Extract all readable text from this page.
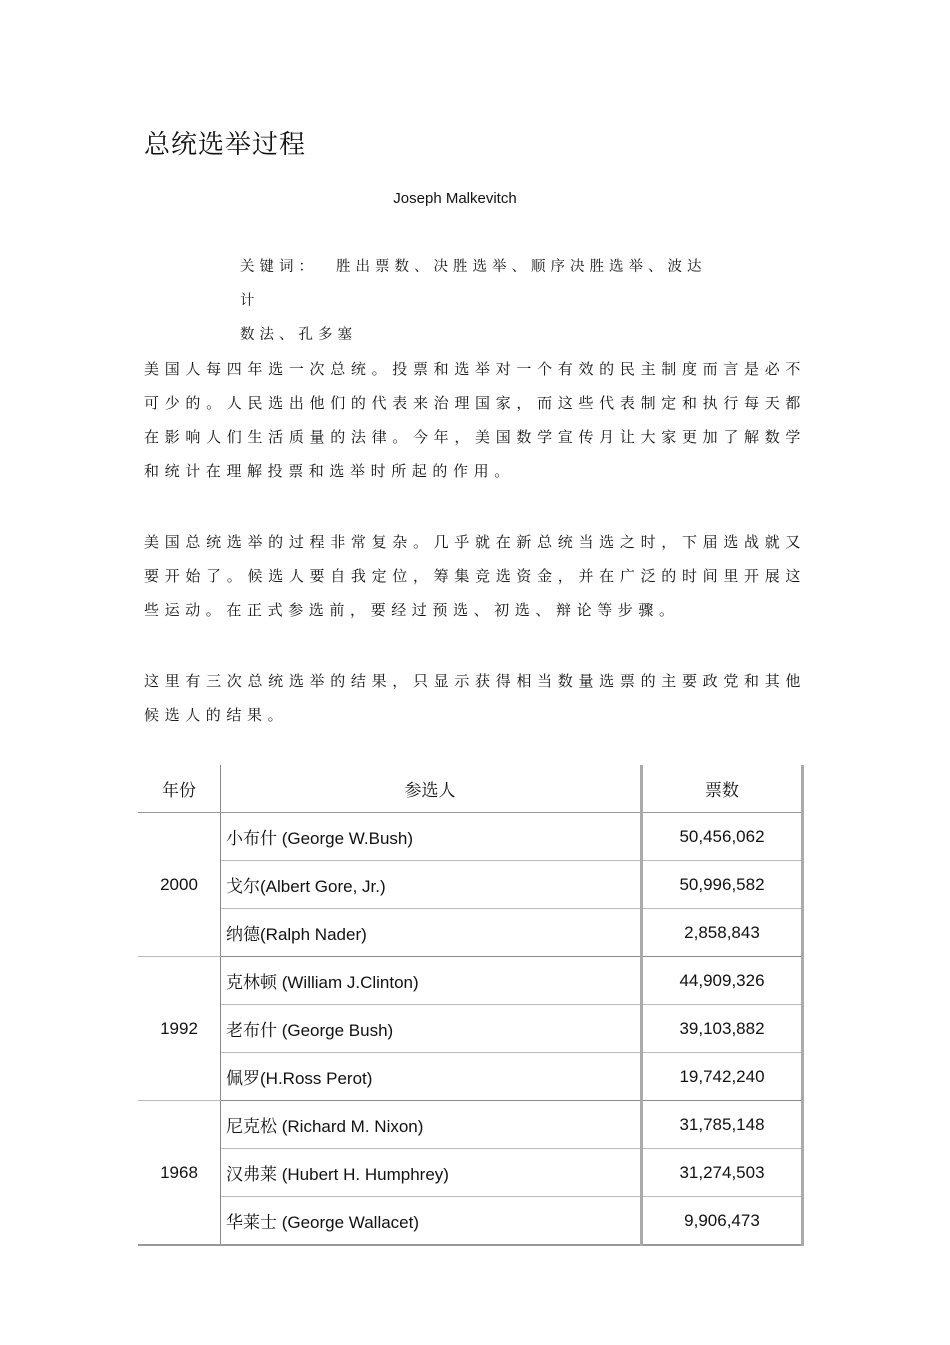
总统选举过程
Joseph Malkevitch
关键词： 胜出票数、决胜选举、顺序决胜选举、波达计
数法、孔多塞

美国人每四年选一次总统。投票和选举对一个有效的民主制度而言是必不可少的。人民选出他们的代表来治理国家，而这些代表制定和执行每天都在影响人们生活质量的法律。今年，美国数学宣传月让大家更加了解数学和统计在理解投票和选举时所起的作用。

美国总统选举的过程非常复杂。几乎就在新总统当选之时，下届选战就又要开始了。候选人要自我定位，筹集竞选资金，并在广泛的时间里开展这些运动。在正式参选前，要经过预选、初选、辩论等步骤。

这里有三次总统选举的结果，只显示获得相当数量选票的主要政党和其他候选人的结果。

年份	参选人	票数
2000	小布什 (George W.Bush)	50,456,062
	戈尔(Albert Gore, Jr.)	50,996,582
	纳德(Ralph Nader)	2,858,843
1992	克林顿 (William J.Clinton)	44,909,326
	老布什 (George Bush)	39,103,882
	佩罗(H.Ross Perot)	19,742,240
1968	尼克松 (Richard M. Nixon)	31,785,148
	汉弗莱 (Hubert H. Humphrey)	31,274,503
	华莱士 (George Wallacet)	9,906,473
